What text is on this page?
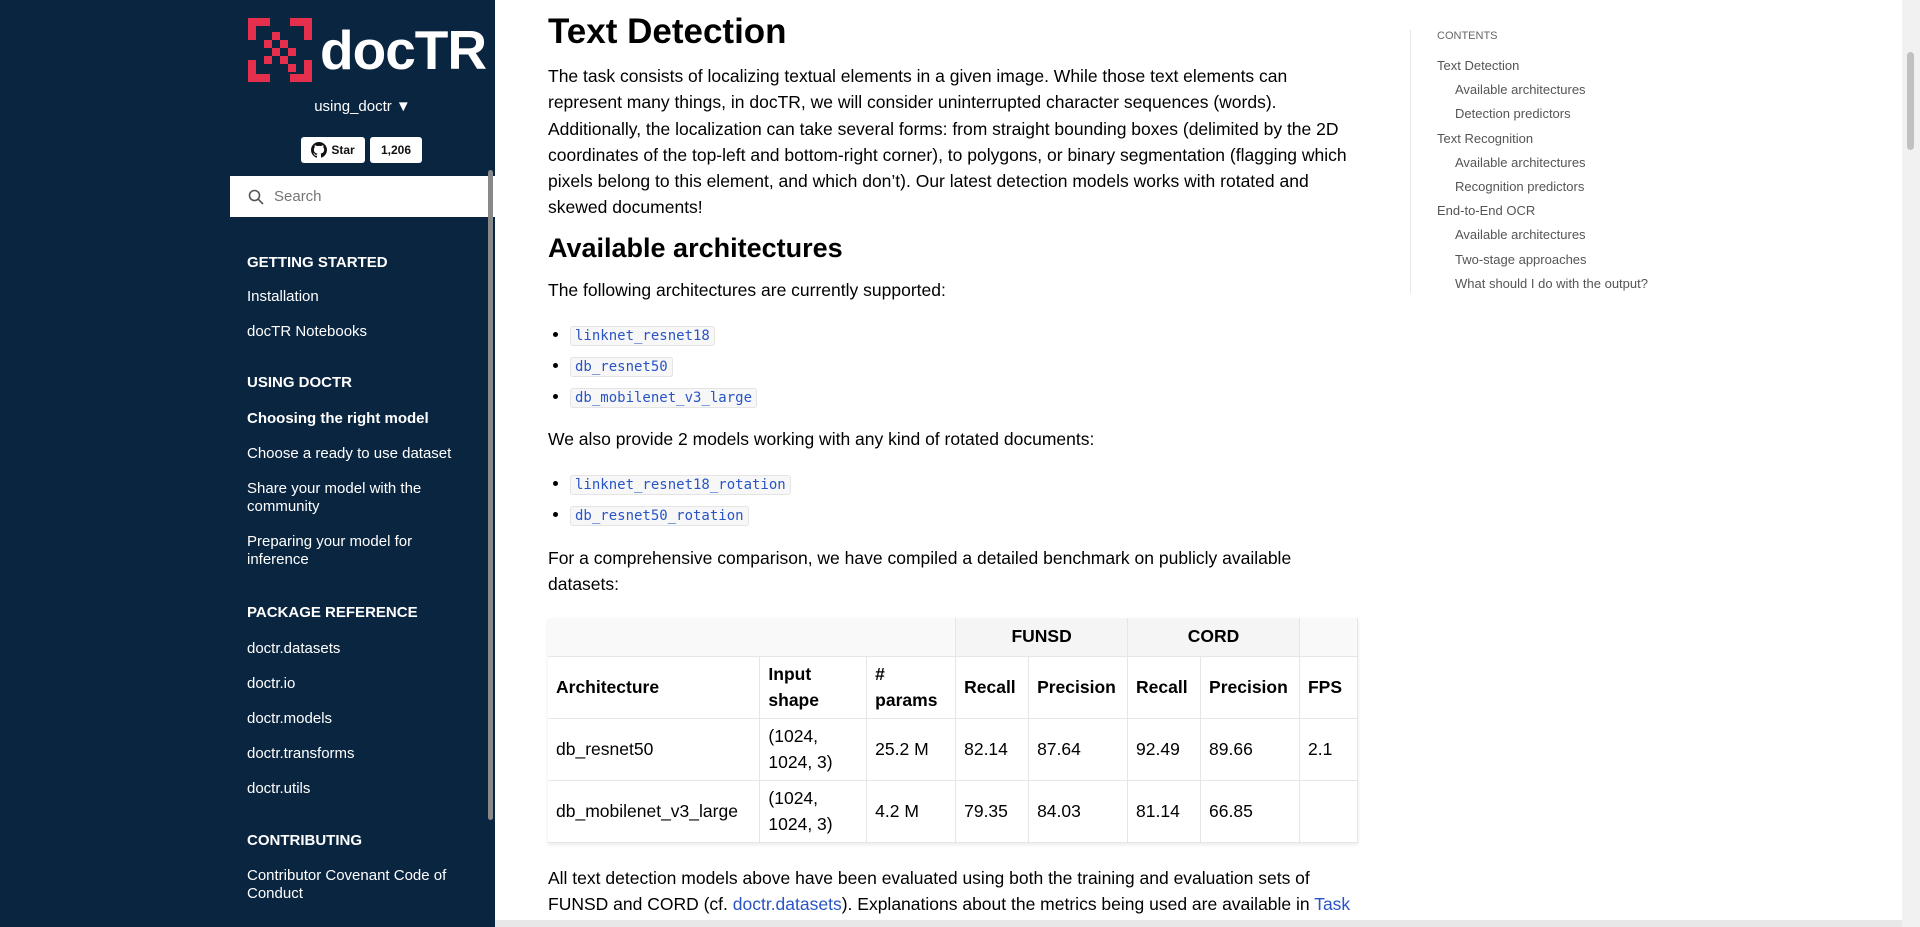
docTR
using_doctr ▼
Star	1,206
Search
GETTING STARTED
Installation
docTR Notebooks
USING DOCTR
Choosing the right model
Choose a ready to use dataset
Share your model with the community
Preparing your model for inference
PACKAGE REFERENCE
doctr.datasets
doctr.io
doctr.models
doctr.transforms
doctr.utils
CONTRIBUTING
Contributor Covenant Code of Conduct
Text Detection

The task consists of localizing textual elements in a given image. While those text elements can represent many things, in docTR, we will consider uninterrupted character sequences (words). Additionally, the localization can take several forms: from straight bounding boxes (delimited by the 2D coordinates of the top-left and bottom-right corner), to polygons, or binary segmentation (flagging which pixels belong to this element, and which don’t). Our latest detection models works with rotated and skewed documents!

Available architectures

The following architectures are currently supported:

• linknet_resnet18
• db_resnet50
• db_mobilenet_v3_large

We also provide 2 models working with any kind of rotated documents:

• linknet_resnet18_rotation
• db_resnet50_rotation

For a comprehensive comparison, we have compiled a detailed benchmark on publicly available datasets:

			FUNSD		CORD		
Architecture	Input shape	# params	Recall	Precision	Recall	Precision	FPS
db_resnet50	(1024, 1024, 3)	25.2 M	82.14	87.64	92.49	89.66	2.1
db_mobilenet_v3_large	(1024, 1024, 3)	4.2 M	79.35	84.03	81.14	66.85	

All text detection models above have been evaluated using both the training and evaluation sets of FUNSD and CORD (cf. doctr.datasets). Explanations about the metrics being used are available in Task

CONTENTS
Text Detection
Available architectures
Detection predictors
Text Recognition
Available architectures
Recognition predictors
End-to-End OCR
Available architectures
Two-stage approaches
What should I do with the output?
